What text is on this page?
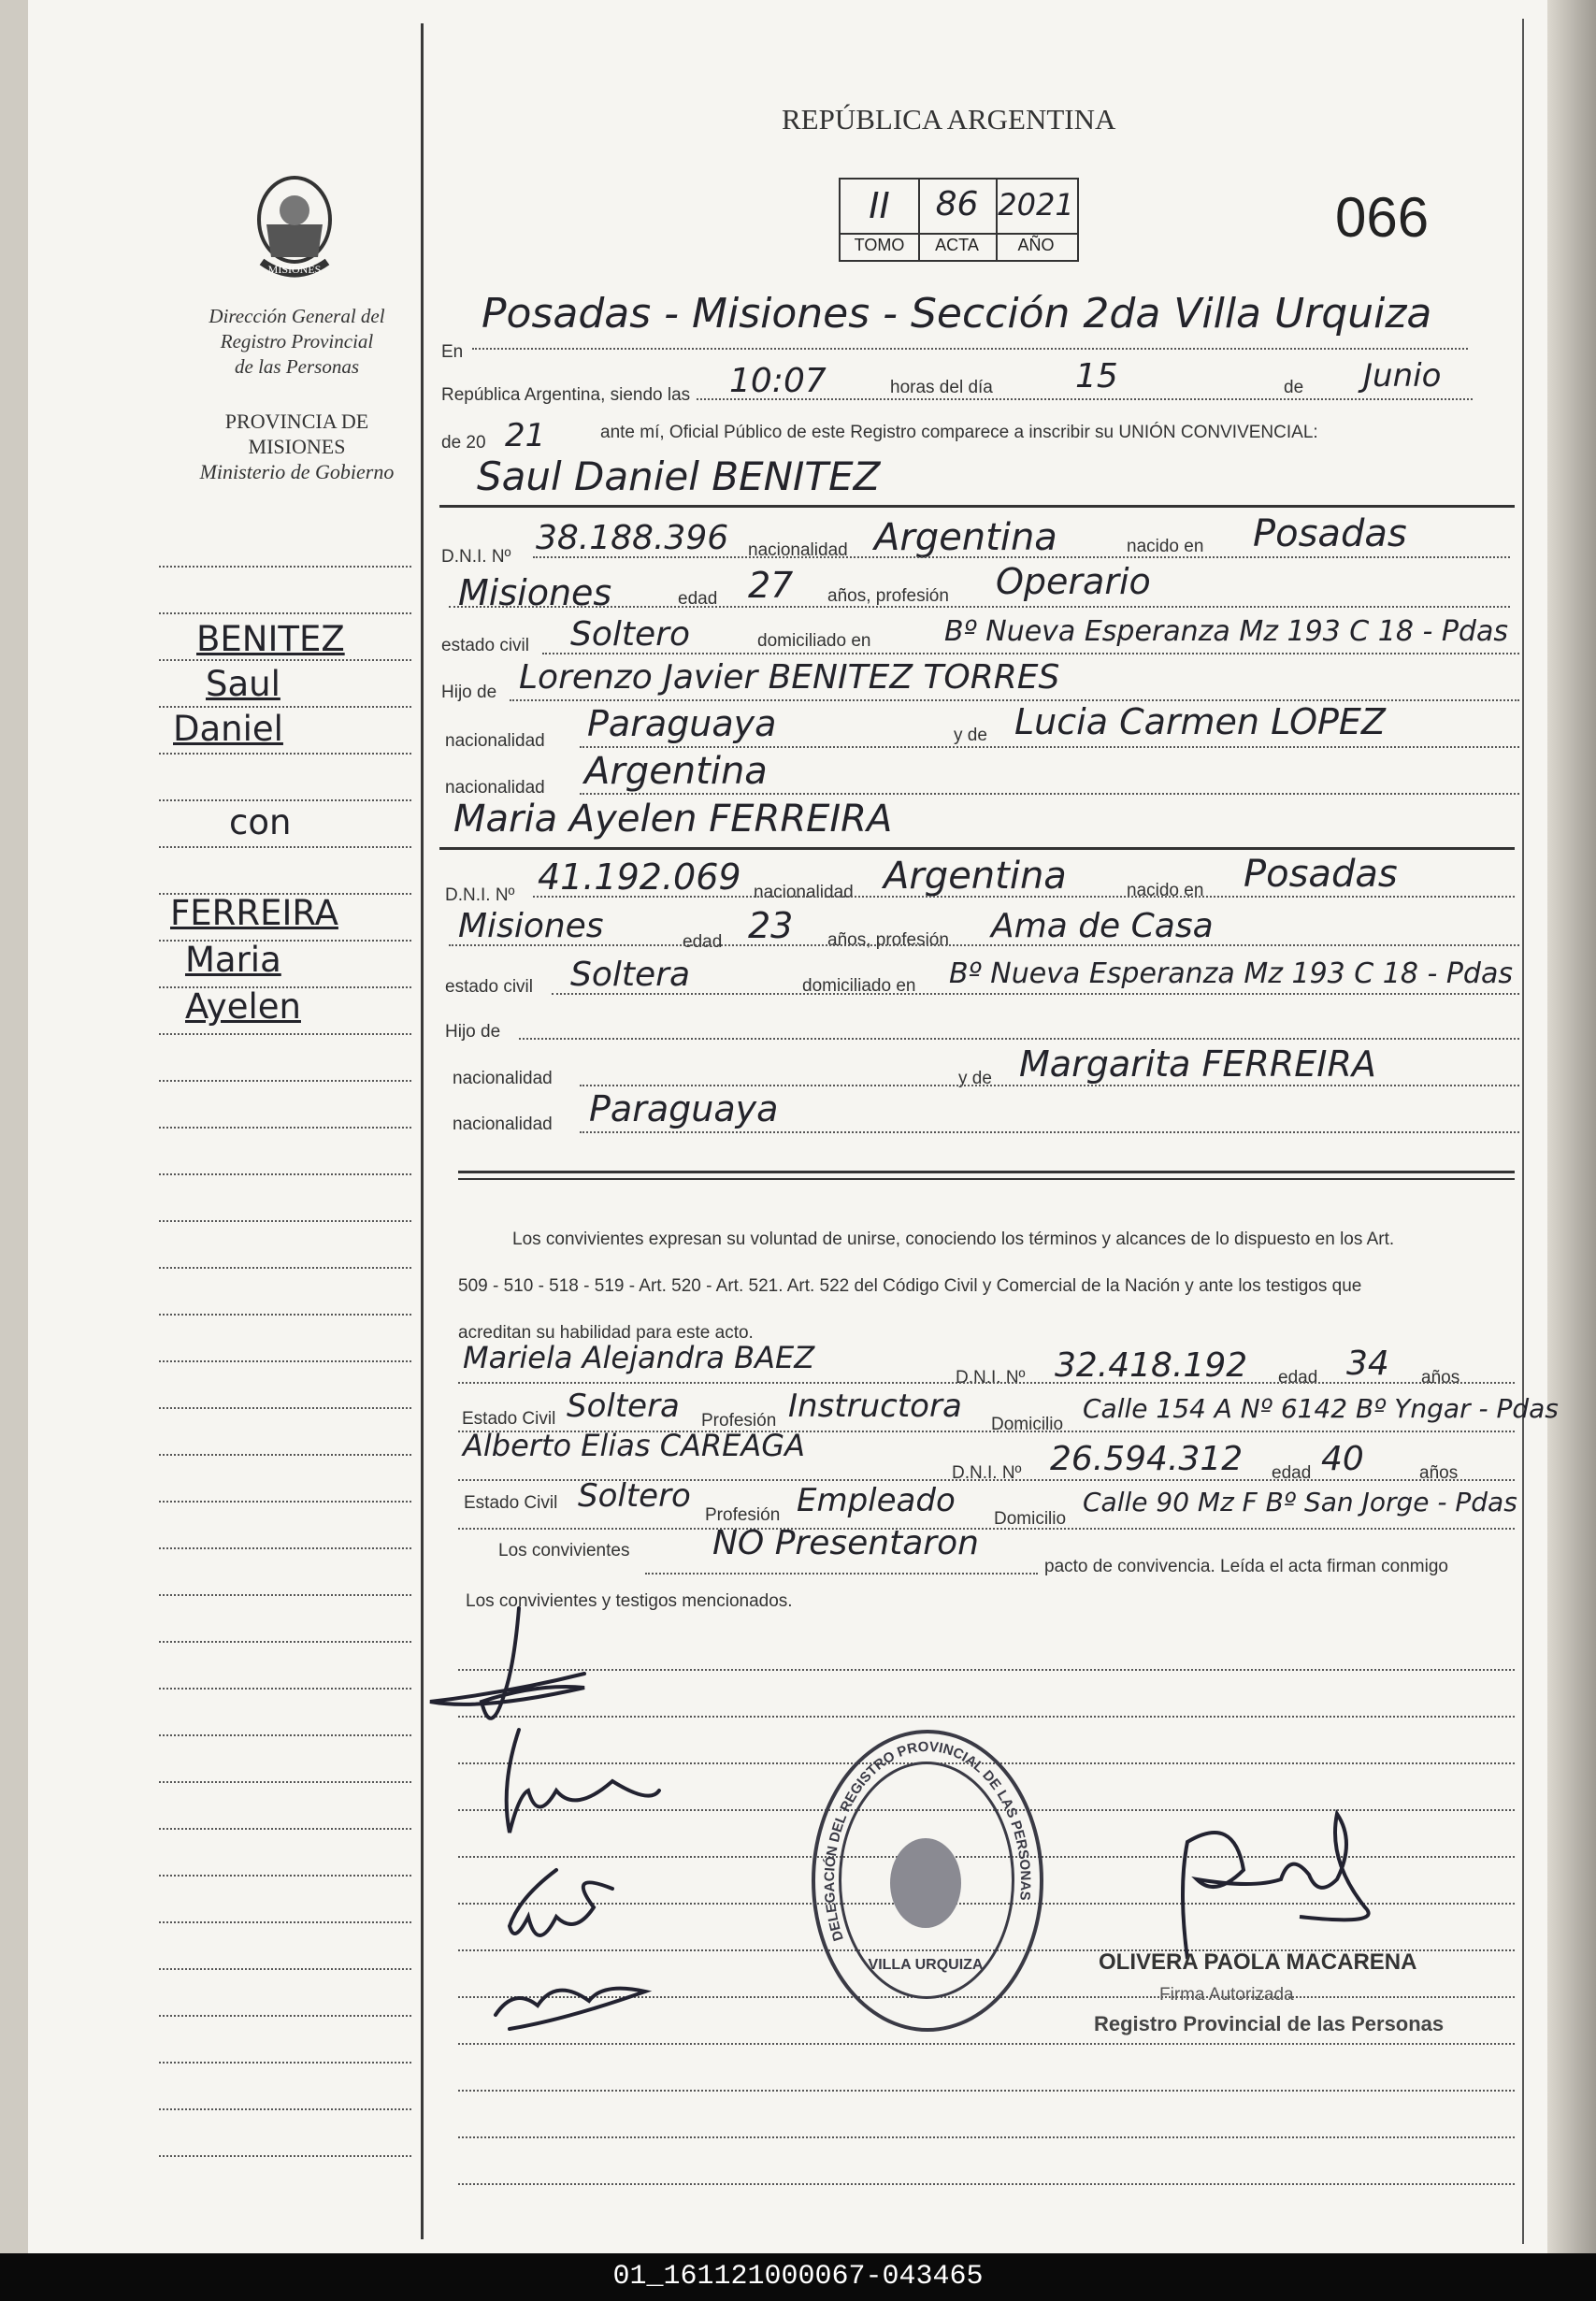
MISIONES
Dirección General del
Registro Provincial
de las Personas
PROVINCIA DE
MISIONES
Ministerio de Gobierno
BENITEZ
Saul
Daniel
con
FERREIRA
Maria
Ayelen
REPÚBLICA ARGENTINA
II	86 2021
TOMO	ACTA	AÑO	066
En
Posadas - Misiones - Sección 2da Villa Urquiza
República Argentina, siendo las 10:07	horas del día 15	de Junio
de 20 21	ante mí, Oficial Público de este Registro comparece a inscribir su UNIÓN CONVIVENCIAL:
Saul Daniel BENITEZ
D.N.I. Nº 38.188.396 nacionalidad Argentina	nacido en Posadas
Misiones	edad 27 años, profesión Operario
estado civil Soltero	domiciliado en	Bº Nueva Esperanza Mz 193 C 18 - Pdas
Hijo de Lorenzo Javier BENITEZ TORRES
nacionalidad Paraguaya	y de Lucia Carmen LOPEZ
nacionalidad Argentina
Maria Ayelen FERREIRA
D.N.I. Nº 41.192.069 nacionalidad Argentina	nacido en Posadas
Misiones	edad 23 años, profesión Ama de Casa
estado civil Soltera	domiciliado en Bº Nueva Esperanza Mz 193 C 18 - Pdas
Hijo de
nacionalidad	y de Margarita FERREIRA
nacionalidad Paraguaya
Los convivientes expresan su voluntad de unirse, conociendo los términos y alcances de lo dispuesto en los Art.
509 - 510 - 518 - 519 - Art. 520 - Art. 521. Art. 522 del Código Civil y Comercial de la Nación y ante los testigos que
acreditan su habilidad para este acto.
Mariela Alejandra BAEZ
D.N.I. Nº 32.418.192 edad 34 años
Estado Civil Soltera Profesión Instructora Domicilio
Calle 154 A Nº 6142 Bº Yngar - Pdas
Alberto Elias CAREAGA
D.N.I. Nº 26.594.312 edad 40	años
Estado Civil Soltero
Profesión Empleado Domicilio
Calle 90 Mz F Bº San Jorge - Pdas
Los convivientes NO Presentaron
pacto de convivencia. Leída el acta firman conmigo
Los convivientes y testigos mencionados.
DELEGACIÓN DEL REGISTRO PROVINCIAL DE LAS PERSONAS
VILLA URQUIZA	OLIVERA PAOLA MACARENA
Firma Autorizada
Registro Provincial de las Personas
01_161121000067-043465
